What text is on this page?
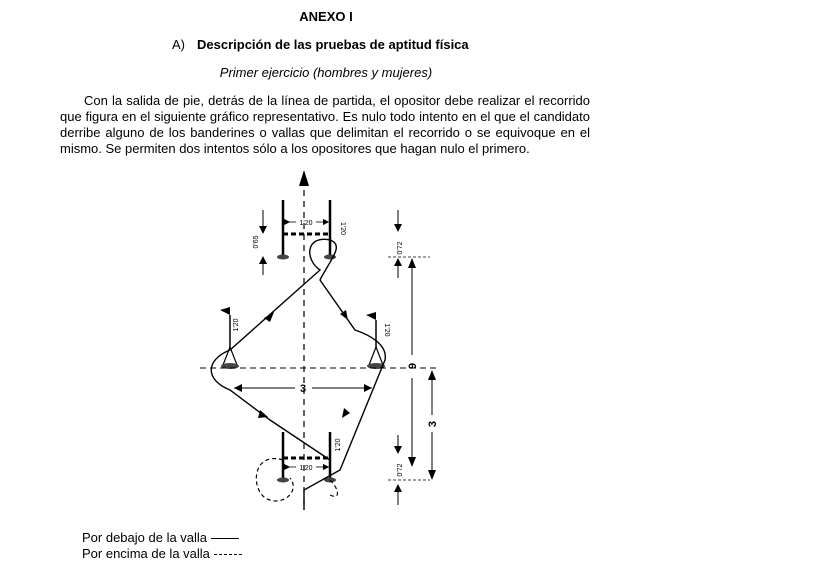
ANEXO I
A) Descripción de las pruebas de aptitud física
Primer ejercicio (hombres y mujeres)
Con la salida de pie, detrás de la línea de partida, el opositor debe realizar el recorrido que figura en el siguiente gráfico representativo. Es nulo todo intento en el que el candidato derribe alguno de los banderines o vallas que delimitan el recorrido o se equivoque en el mismo. Se permiten dos intentos sólo a los opositores que hagan nulo el primero.
1'20	1'20
0'65	0'72
1'20	1'20
3
9
3
1'20
1'20	0'72
Por debajo de la valla
Por encima de la valla
